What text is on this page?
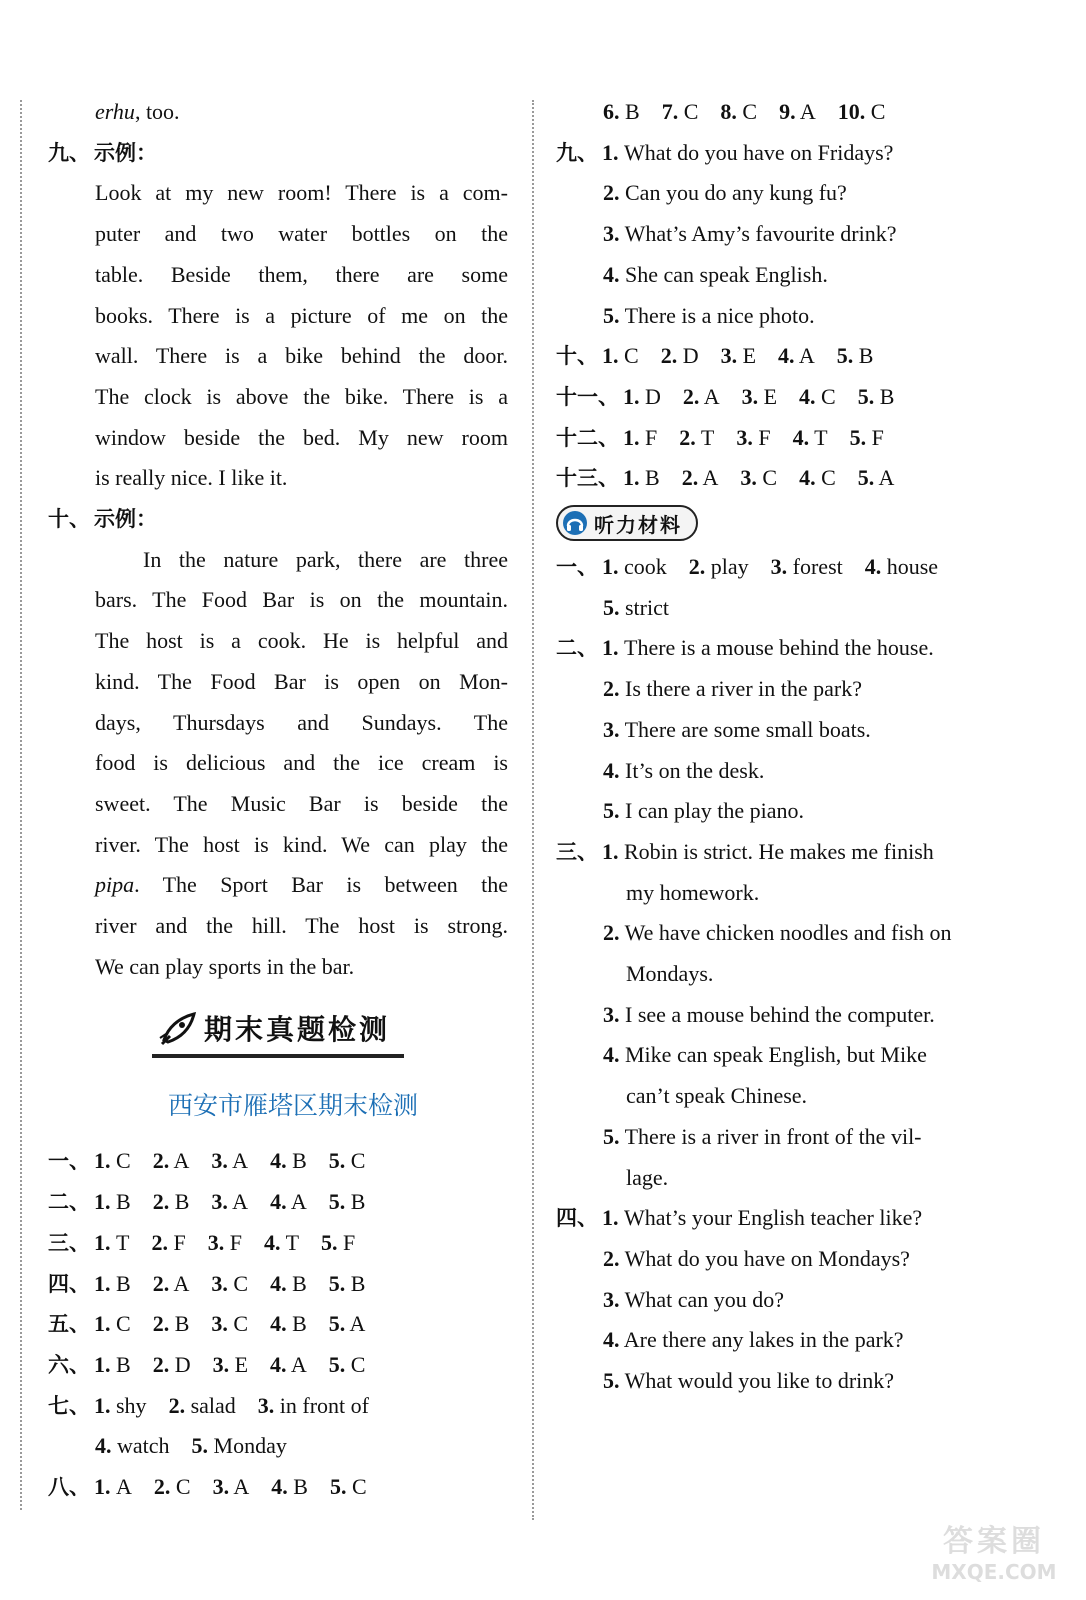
erhu, too.
九、 示例：
Look at my new room! There is a com-
puter and two water bottles on the
table. Beside them, there are some
books. There is a picture of me on the
wall. There is a bike behind the door.
The clock is above the bike. There is a
window beside the bed. My new room
is really nice. I like it.
十、 示例：
In the nature park, there are three
bars. The Food Bar is on the mountain.
The host is a cook. He is helpful and
kind. The Food Bar is open on Mon-
days, Thursdays and Sundays. The
food is delicious and the ice cream is
sweet. The Music Bar is beside the
river. The host is kind. We can play the
pipa. The Sport Bar is between the
river and the hill. The host is strong.
We can play sports in the bar.
期末真题检测
西安市雁塔区期末检测
一、 1. C 2. A 3. A 4. B 5. C
二、 1. B 2. B 3. A 4. A 5. B
三、 1. T 2. F 3. F 4. T 5. F
四、 1. B 2. A 3. C 4. B 5. B
五、 1. C 2. B 3. C 4. B 5. A
六、 1. B 2. D 3. E 4. A 5. C
七、 1. shy 2. salad 3. in front of
4. watch 5. Monday
八、 1. A 2. C 3. A 4. B 5. C
6. B 7. C 8. C 9. A 10. C
九、 1. What do you have on Fridays?
2. Can you do any kung fu?
3. What’s Amy’s favourite drink?
4. She can speak English.
5. There is a nice photo.
十、 1. C 2. D 3. E 4. A 5. B
十一、 1. D 2. A 3. E 4. C 5. B
十二、 1. F 2. T 3. F 4. T 5. F
十三、 1. B 2. A 3. C 4. C 5. A
听力材料
一、 1. cook 2. play 3. forest 4. house
5. strict
二、 1. There is a mouse behind the house.
2. Is there a river in the park?
3. There are some small boats.
4. It’s on the desk.
5. I can play the piano.
三、 1. Robin is strict. He makes me finish
my homework.
2. We have chicken noodles and fish on
Mondays.
3. I see a mouse behind the computer.
4. Mike can speak English, but Mike
can’t speak Chinese.
5. There is a river in front of the vil-
lage.
四、 1. What’s your English teacher like?
2. What do you have on Mondays?
3. What can you do?
4. Are there any lakes in the park?
5. What would you like to drink?
答案圈
MXQE.COM
